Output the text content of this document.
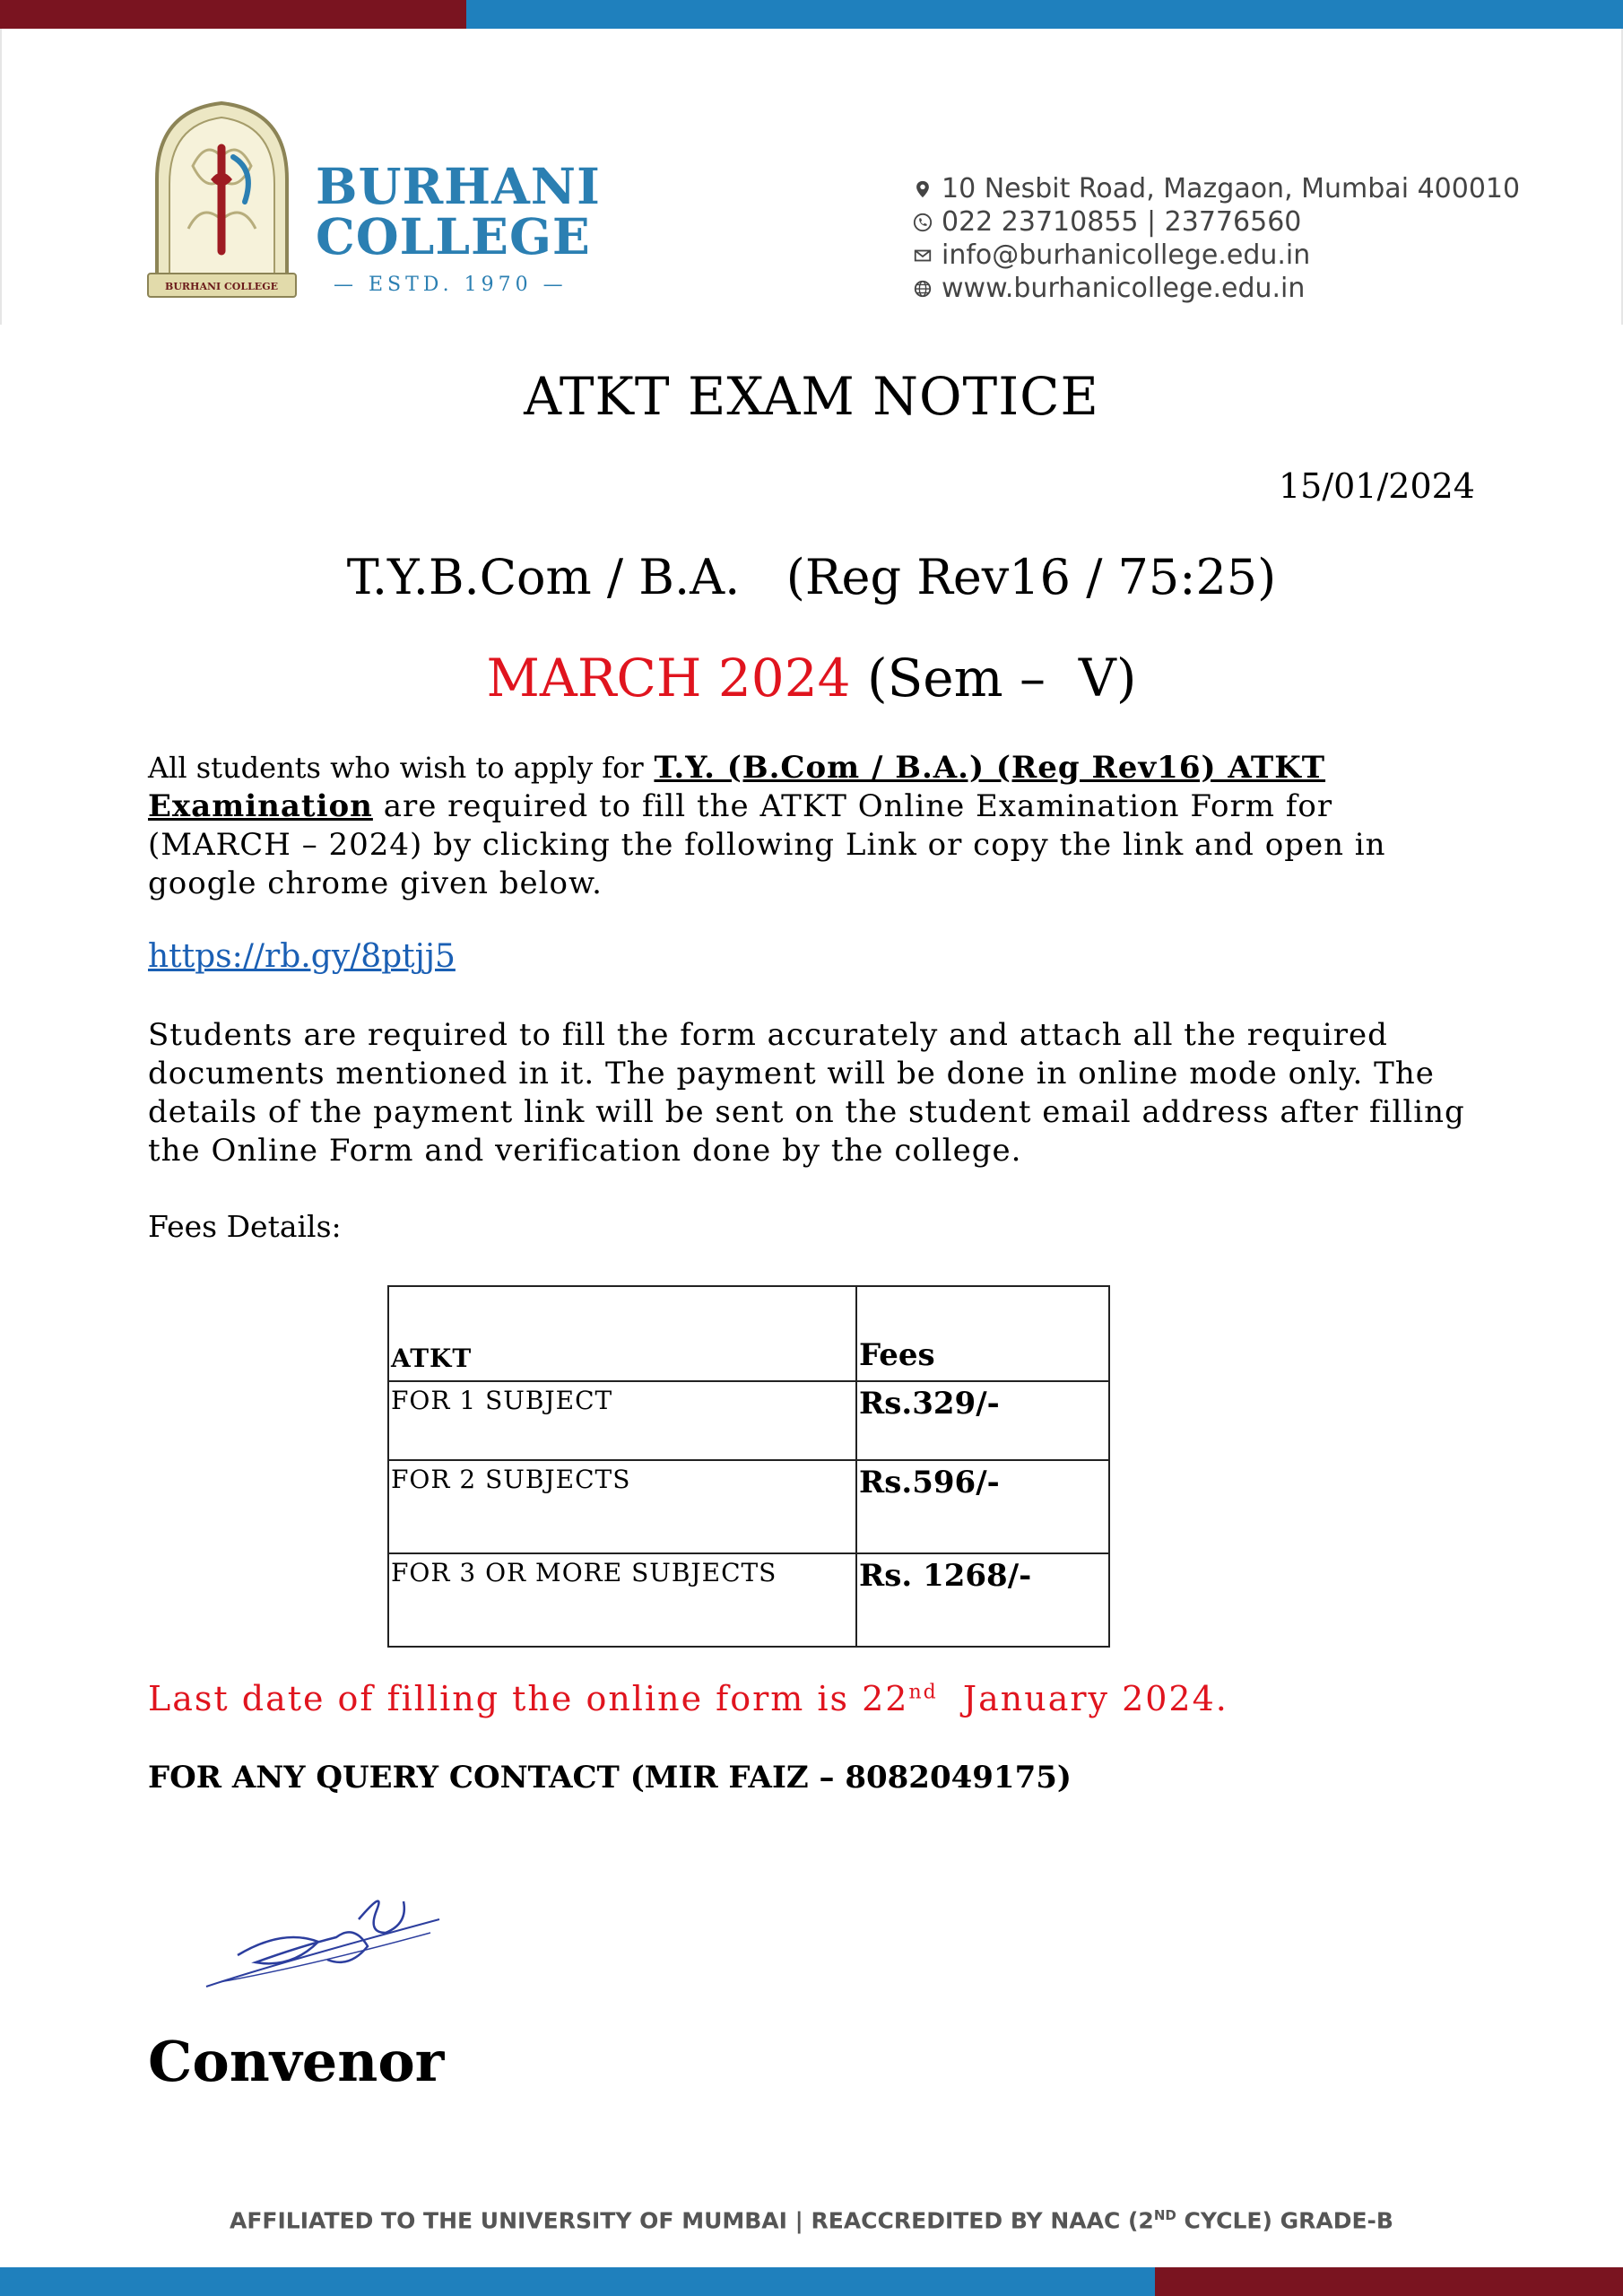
BURHANI COLLEGE
BURHANI
COLLEGE
— ESTD. 1970 —
10 Nesbit Road, Mazgaon, Mumbai 400010
022 23710855 | 23776560
info@burhanicollege.edu.in
www.burhanicollege.edu.in
ATKT EXAM NOTICE
15/01/2024
T.Y.B.Com / B.A.   (Reg Rev16 / 75:25)
MARCH 2024 (Sem –  V)
All students who wish to apply for T.Y. (B.Com / B.A.) (Reg Rev16) ATKT Examination are required to fill the ATKT Online Examination Form for (MARCH – 2024) by clicking the following Link or copy the link and open in google chrome given below.
https://rb.gy/8ptjj5
Students are required to fill the form accurately and attach all the required documents mentioned in it. The payment will be done in online mode only. The details of the payment link will be sent on the student email address after filling the Online Form and verification done by the college.
Fees Details:
ATKT	Fees
FOR 1 SUBJECT	Rs.329/-
FOR 2 SUBJECTS	Rs.596/-
FOR 3 OR MORE SUBJECTS	Rs. 1268/-
Last date of filling the online form is 22nd  January 2024.
FOR ANY QUERY CONTACT (MIR FAIZ – 8082049175)
Convenor
AFFILIATED TO THE UNIVERSITY OF MUMBAI | REACCREDITED BY NAAC (2ND CYCLE) GRADE-B
